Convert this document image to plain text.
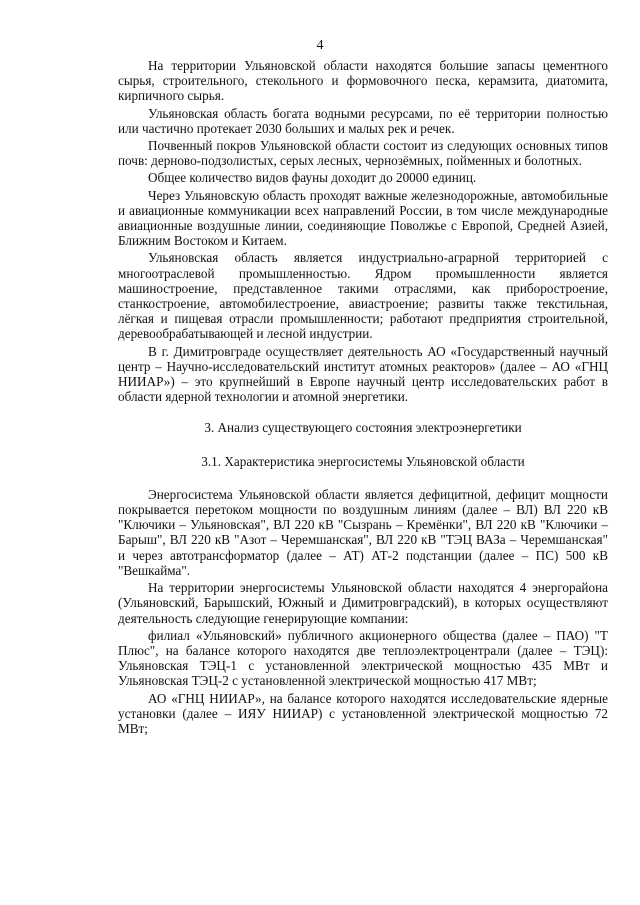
4

На территории Ульяновской области находятся большие запасы цементного сырья, строительного, стекольного и формовочного песка, керамзита, диатомита, кирпичного сырья.

Ульяновская область богата водными ресурсами, по её территории полностью или частично протекает 2030 больших и малых рек и речек.

Почвенный покров Ульяновской области состоит из следующих основных типов почв: дерново-подзолистых, серых лесных, чернозёмных, пойменных и болотных.

Общее количество видов фауны доходит до 20000 единиц.

Через Ульяновскую область проходят важные железнодорожные, автомобильные и авиационные коммуникации всех направлений России, в том числе международные авиационные воздушные линии, соединяющие Поволжье с Европой, Средней Азией, Ближним Востоком и Китаем.

Ульяновская область является индустриально-аграрной территорией с многоотраслевой промышленностью. Ядром промышленности является машиностроение, представленное такими отраслями, как приборостроение, станкостроение, автомобилестроение, авиастроение; развиты также текстильная, лёгкая и пищевая отрасли промышленности; работают предприятия строительной, деревообрабатывающей и лесной индустрии.

В г. Димитровграде осуществляет деятельность АО «Государственный научный центр – Научно-исследовательский институт атомных реакторов» (далее – АО «ГНЦ НИИАР») – это крупнейший в Европе научный центр исследовательских работ в области ядерной технологии и атомной энергетики.

3. Анализ существующего состояния электроэнергетики

3.1. Характеристика энергосистемы Ульяновской области

Энергосистема Ульяновской области является дефицитной, дефицит мощности покрывается перетоком мощности по воздушным линиям (далее – ВЛ) ВЛ 220 кВ "Ключики – Ульяновская", ВЛ 220 кВ "Сызрань – Кремёнки", ВЛ 220 кВ "Ключики – Барыш", ВЛ 220 кВ "Азот – Черемшанская", ВЛ 220 кВ "ТЭЦ ВАЗа – Черемшанская" и через автотрансформатор (далее – АТ) АТ-2 подстанции (далее – ПС) 500 кВ "Вешкайма".

На территории энергосистемы Ульяновской области находятся 4 энергорайона (Ульяновский, Барышский, Южный и Димитровградский), в которых осуществляют деятельность следующие генерирующие компании:

филиал «Ульяновский» публичного акционерного общества (далее – ПАО) "Т Плюс", на балансе которого находятся две теплоэлектроцентрали (далее – ТЭЦ): Ульяновская ТЭЦ-1 с установленной электрической мощностью 435 МВт и Ульяновская ТЭЦ-2 с установленной электрической мощностью 417 МВт;

АО «ГНЦ НИИАР», на балансе которого находятся исследовательские ядерные установки (далее – ИЯУ НИИАР) с установленной электрической мощностью 72 МВт;
